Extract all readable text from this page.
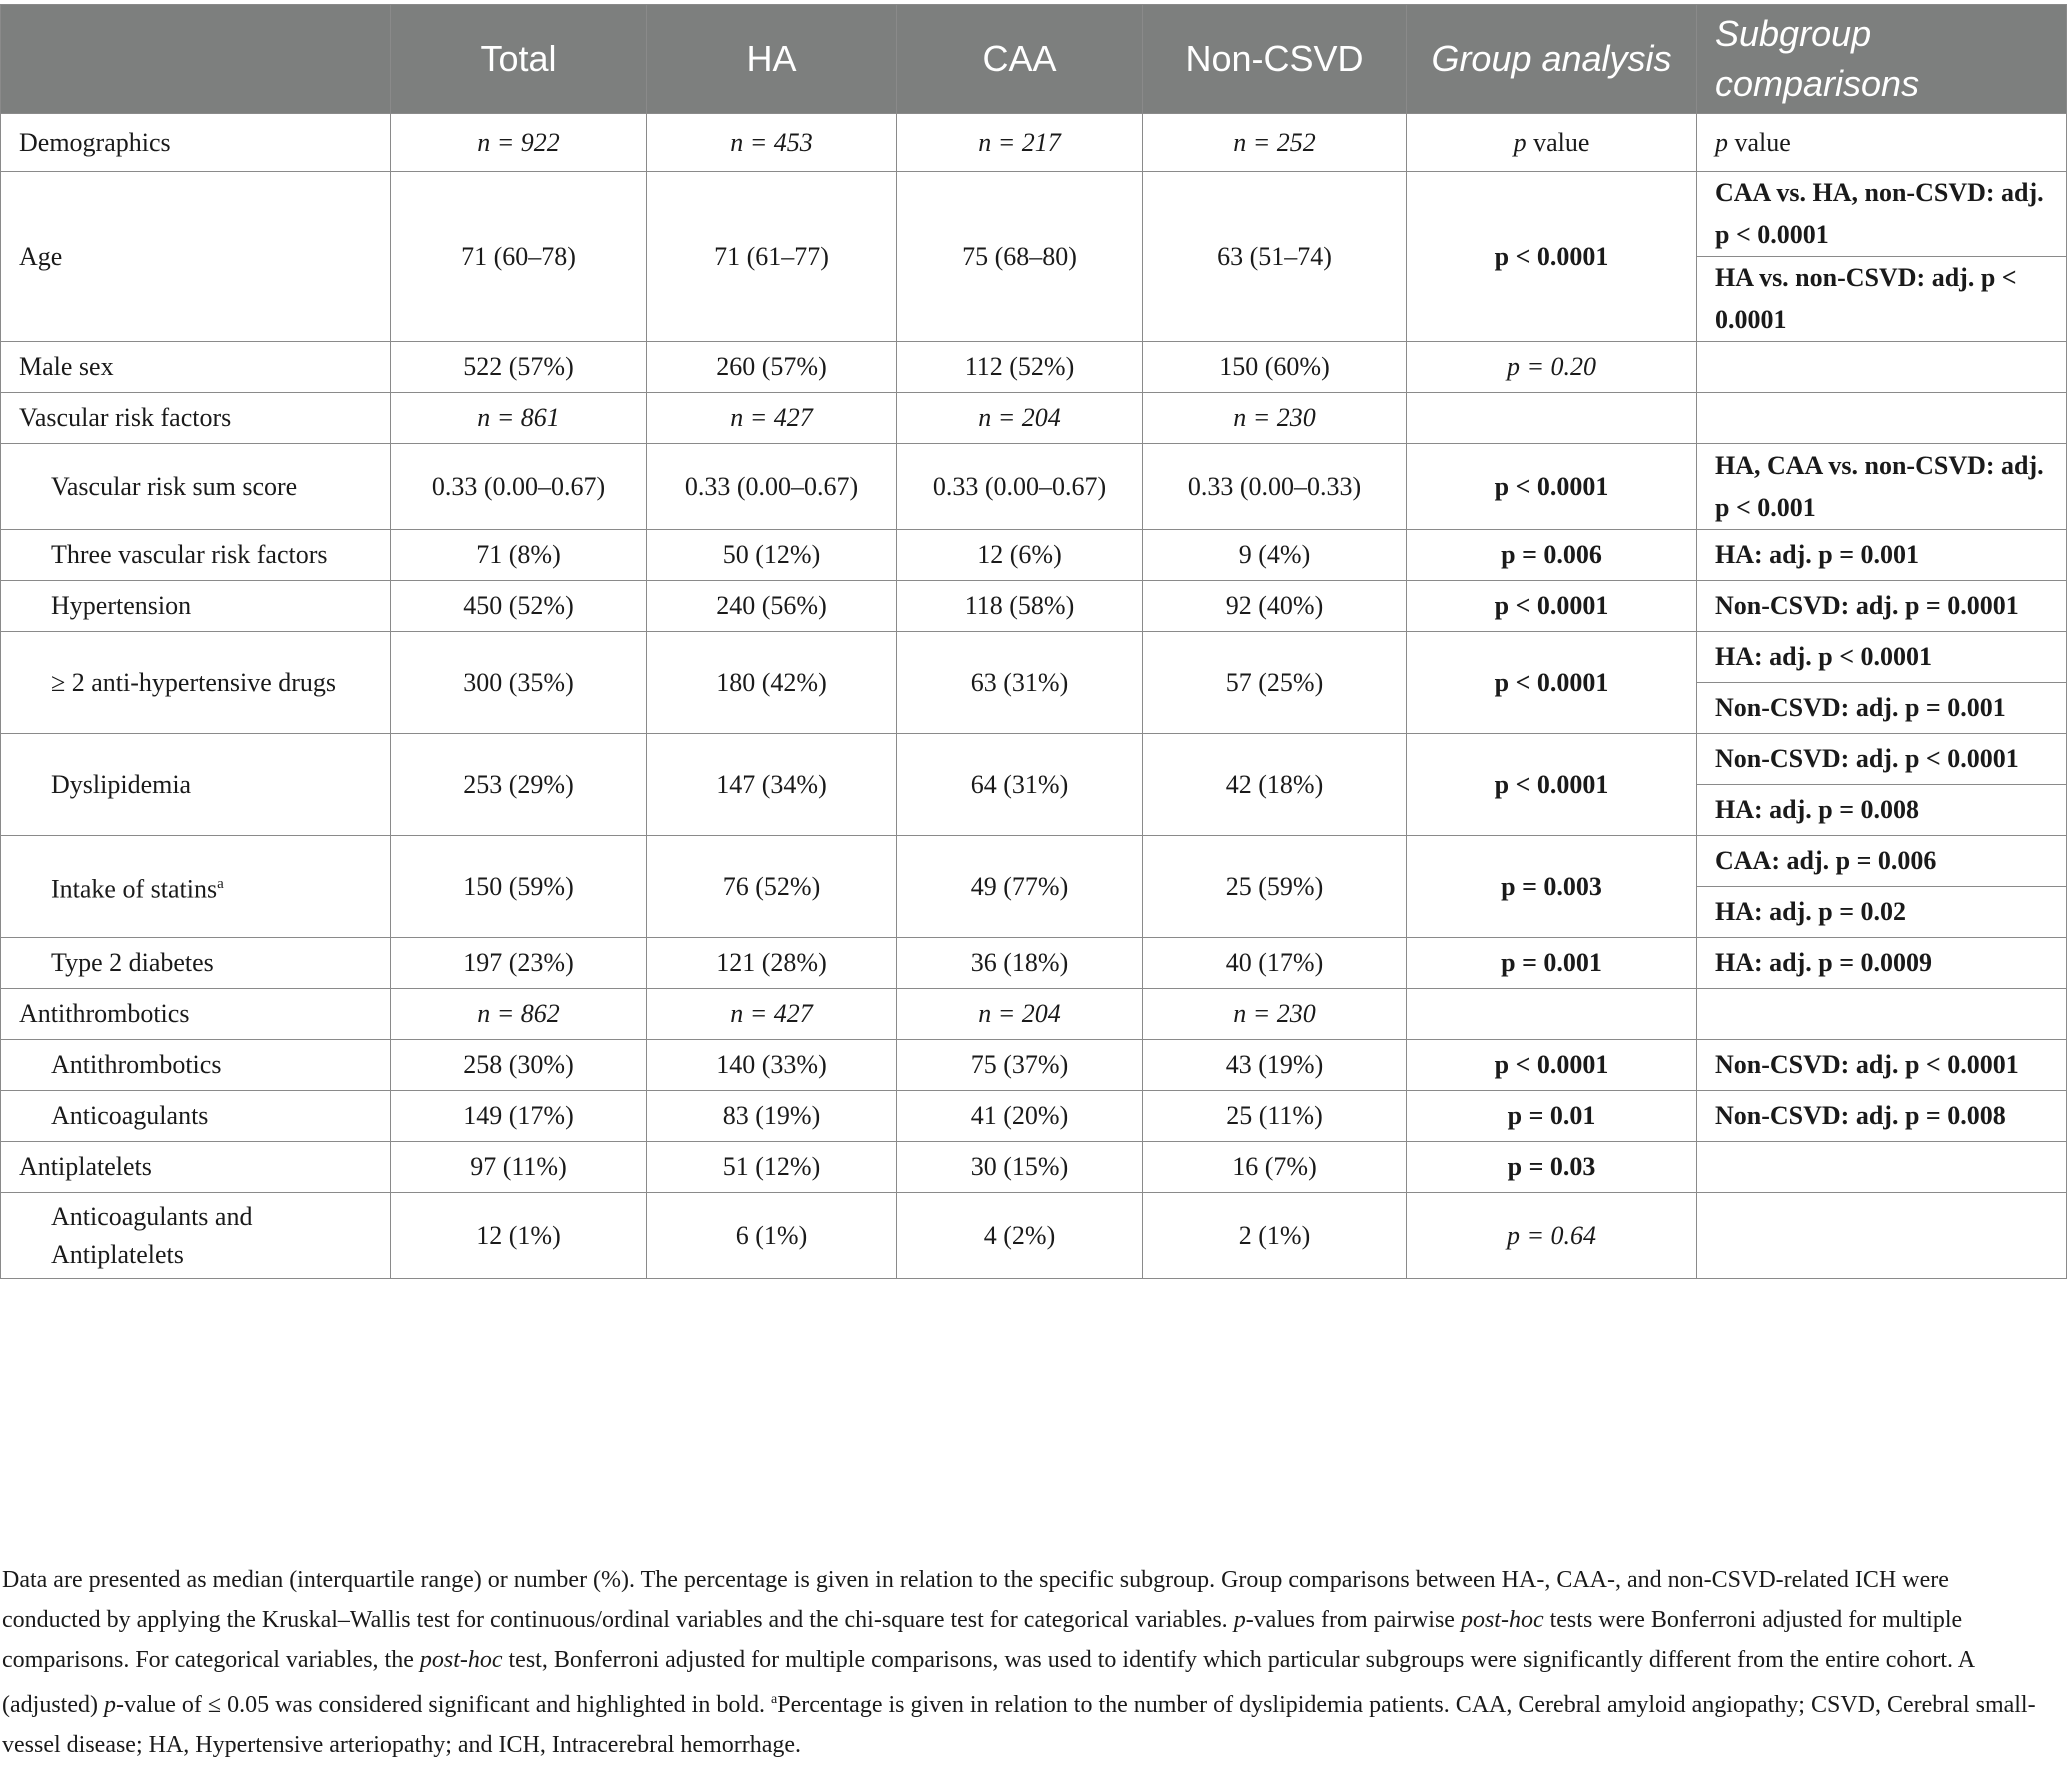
	Total	HA	CAA	Non-CSVD	Group analysis	Subgroup comparisons
Demographics	n = 922	n = 453	n = 217	n = 252	p value	p value
Age	71 (60–78)	71 (61–77)	75 (68–80)	63 (51–74)	p < 0.0001	CAA vs. HA, non-CSVD: adj. p < 0.0001
						HA vs. non-CSVD: adj. p < 0.0001
Male sex	522 (57%)	260 (57%)	112 (52%)	150 (60%)	p = 0.20	
Vascular risk factors	n = 861	n = 427	n = 204	n = 230		
Vascular risk sum score	0.33 (0.00–0.67)	0.33 (0.00–0.67)	0.33 (0.00–0.67)	0.33 (0.00–0.33)	p < 0.0001	HA, CAA vs. non-CSVD: adj. p < 0.001
Three vascular risk factors	71 (8%)	50 (12%)	12 (6%)	9 (4%)	p = 0.006	HA: adj. p = 0.001
Hypertension	450 (52%)	240 (56%)	118 (58%)	92 (40%)	p < 0.0001	Non-CSVD: adj. p = 0.0001
≥ 2 anti-hypertensive drugs	300 (35%)	180 (42%)	63 (31%)	57 (25%)	p < 0.0001	HA: adj. p < 0.0001
						Non-CSVD: adj. p = 0.001
Dyslipidemia	253 (29%)	147 (34%)	64 (31%)	42 (18%)	p < 0.0001	Non-CSVD: adj. p < 0.0001
						HA: adj. p = 0.008
Intake of statins$^a$	150 (59%)	76 (52%)	49 (77%)	25 (59%)	p = 0.003	CAA: adj. p = 0.006
						HA: adj. p = 0.02
Type 2 diabetes	197 (23%)	121 (28%)	36 (18%)	40 (17%)	p = 0.001	HA: adj. p = 0.0009
Antithrombotics	n = 862	n = 427	n = 204	n = 230		
Antithrombotics	258 (30%)	140 (33%)	75 (37%)	43 (19%)	p < 0.0001	Non-CSVD: adj. p < 0.0001
Anticoagulants	149 (17%)	83 (19%)	41 (20%)	25 (11%)	p = 0.01	Non-CSVD: adj. p = 0.008
Antiplatelets	97 (11%)	51 (12%)	30 (15%)	16 (7%)	p = 0.03	
Anticoagulants and Antiplatelets	12 (1%)	6 (1%)	4 (2%)	2 (1%)	p = 0.64	

Data are presented as median (interquartile range) or number (%). The percentage is given in relation to the specific subgroup. Group comparisons between HA-, CAA-, and non-CSVD-related ICH were conducted by applying the Kruskal–Wallis test for continuous/ordinal variables and the chi-square test for categorical variables. p-values from pairwise post-hoc tests were Bonferroni adjusted for multiple comparisons. For categorical variables, the post-hoc test, Bonferroni adjusted for multiple comparisons, was used to identify which particular subgroups were significantly different from the entire cohort. A (adjusted) p-value of ≤ 0.05 was considered significant and highlighted in bold. $^a$Percentage is given in relation to the number of dyslipidemia patients. CAA, Cerebral amyloid angiopathy; CSVD, Cerebral small-vessel disease; HA, Hypertensive arteriopathy; and ICH, Intracerebral hemorrhage.
